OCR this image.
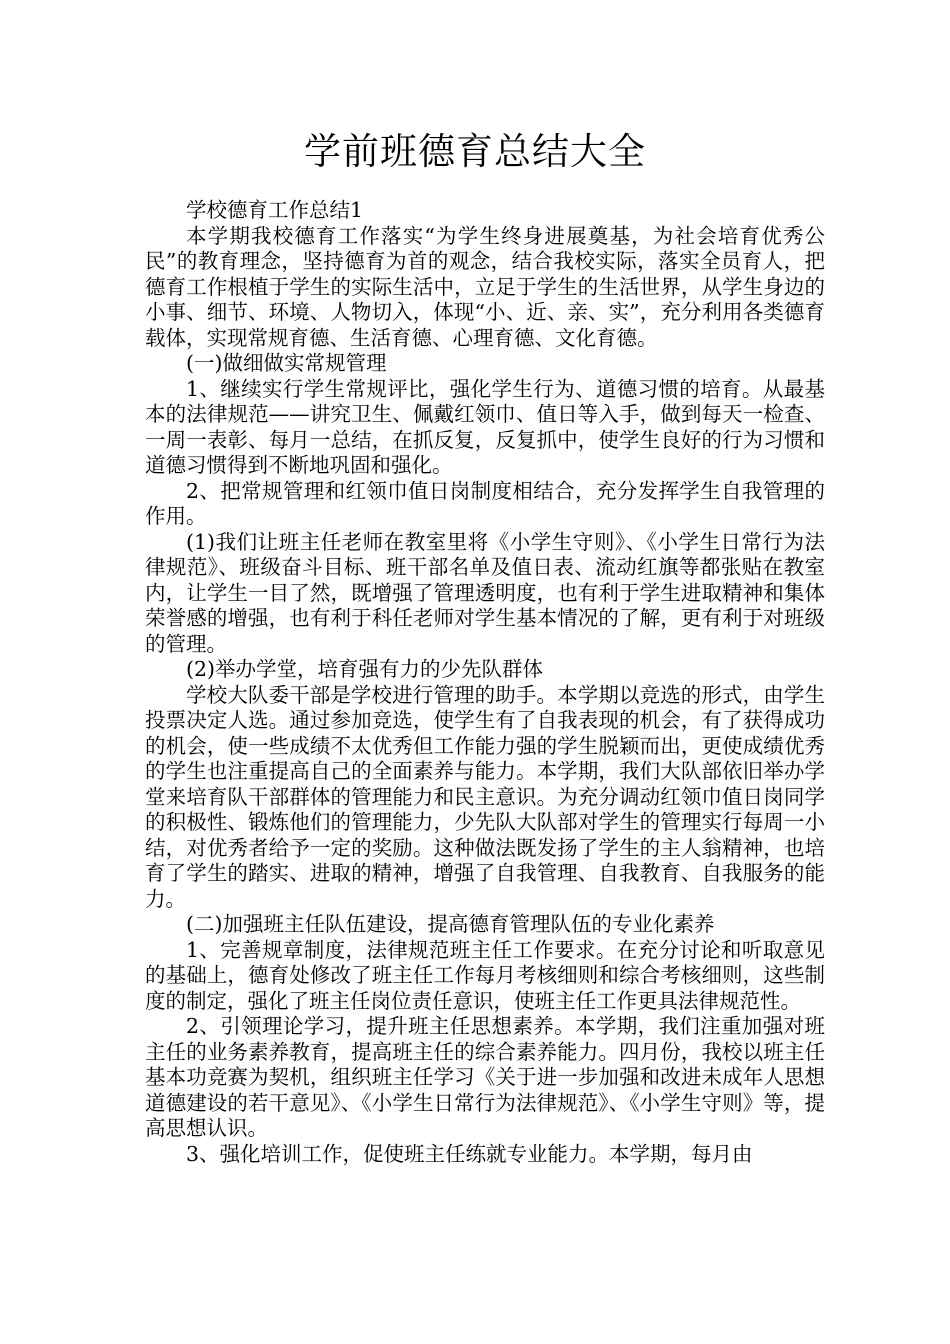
学前班德育总结大全

学校德育工作总结1

本学期我校德育工作落实“为学生终身进展奠基，为社会培育优秀公民”的教育理念，坚持德育为首的观念，结合我校实际，落实全员育人，把德育工作根植于学生的实际生活中，立足于学生的生活世界，从学生身边的小事、细节、环境、人物切入，体现“小、近、亲、实”，充分利用各类德育载体，实现常规育德、生活育德、心理育德、文化育德。

(一)做细做实常规管理

1、继续实行学生常规评比，强化学生行为、道德习惯的培育。从最基本的法律规范——讲究卫生、佩戴红领巾、值日等入手，做到每天一检查、一周一表彰、每月一总结，在抓反复，反复抓中，使学生良好的行为习惯和道德习惯得到不断地巩固和强化。

2、把常规管理和红领巾值日岗制度相结合，充分发挥学生自我管理的作用。

(1)我们让班主任老师在教室里将《小学生守则》、《小学生日常行为法律规范》、班级奋斗目标、班干部名单及值日表、流动红旗等都张贴在教室内，让学生一目了然，既增强了管理透明度，也有利于学生进取精神和集体荣誉感的增强，也有利于科任老师对学生基本情况的了解，更有利于对班级的管理。

(2)举办学堂，培育强有力的少先队群体

学校大队委干部是学校进行管理的助手。本学期以竞选的形式，由学生投票决定人选。通过参加竞选，使学生有了自我表现的机会，有了获得成功的机会，使一些成绩不太优秀但工作能力强的学生脱颖而出，更使成绩优秀的学生也注重提高自己的全面素养与能力。本学期，我们大队部依旧举办学堂来培育队干部群体的管理能力和民主意识。为充分调动红领巾值日岗同学的积极性、锻炼他们的管理能力，少先队大队部对学生的管理实行每周一小结，对优秀者给予一定的奖励。这种做法既发扬了学生的主人翁精神，也培育了学生的踏实、进取的精神，增强了自我管理、自我教育、自我服务的能力。

(二)加强班主任队伍建设，提高德育管理队伍的专业化素养

1、完善规章制度，法律规范班主任工作要求。在充分讨论和听取意见的基础上，德育处修改了班主任工作每月考核细则和综合考核细则，这些制度的制定，强化了班主任岗位责任意识，使班主任工作更具法律规范性。

2、引领理论学习，提升班主任思想素养。本学期，我们注重加强对班主任的业务素养教育，提高班主任的综合素养能力。四月份，我校以班主任基本功竞赛为契机，组织班主任学习《关于进一步加强和改进未成年人思想道德建设的若干意见》、《小学生日常行为法律规范》、《小学生守则》等，提高思想认识。

3、强化培训工作，促使班主任练就专业能力。本学期，每月由
